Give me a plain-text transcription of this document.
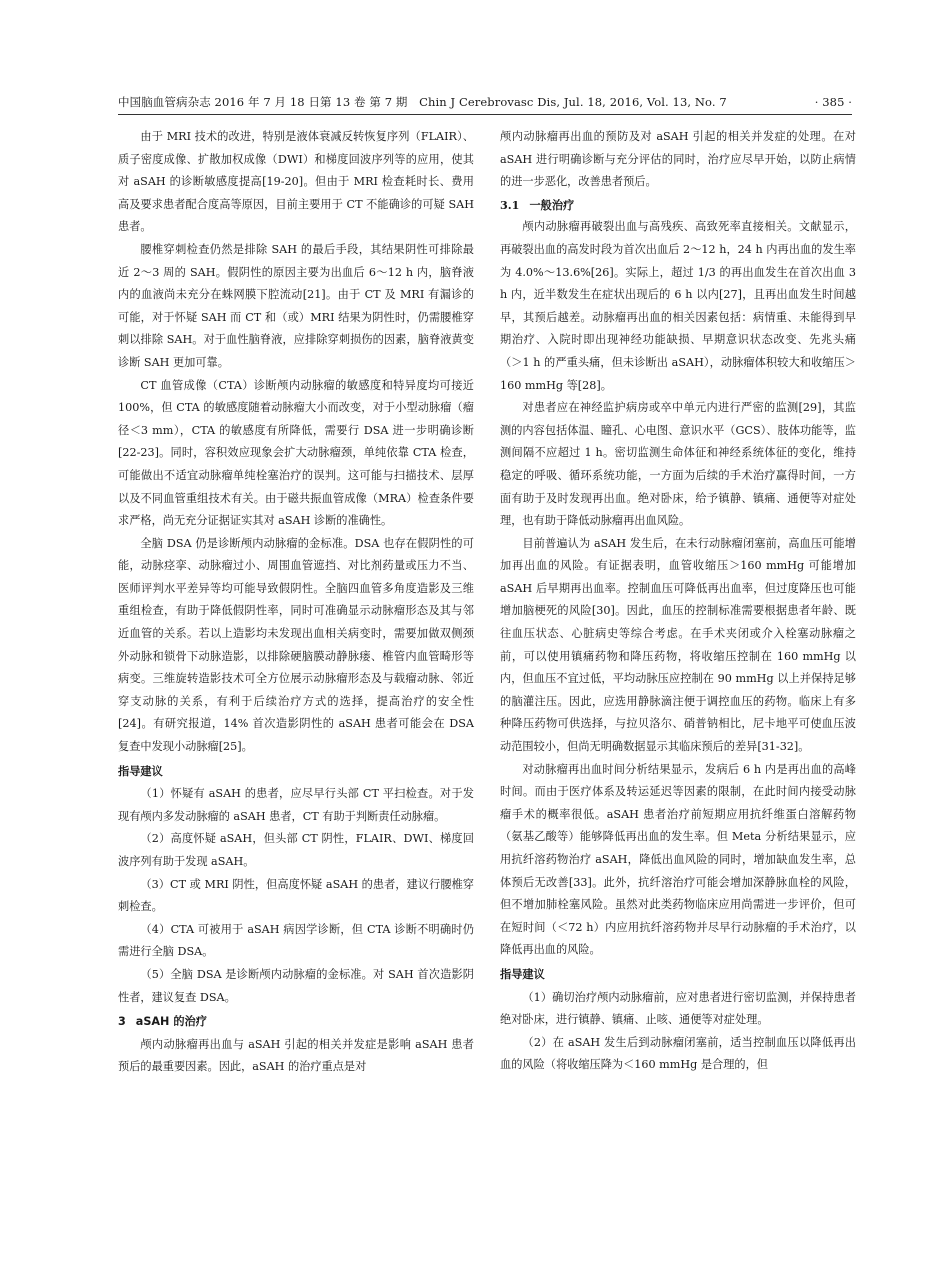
中国脑血管病杂志 2016 年 7 月 18 日第 13 卷 第 7 期　Chin J Cerebrovasc Dis, Jul. 18, 2016, Vol. 13, No. 7	· 385 ·

由于 MRI 技术的改进，特别是液体衰减反转恢复序列（FLAIR）、质子密度成像、扩散加权成像（DWI）和梯度回波序列等的应用，使其对 aSAH 的诊断敏感度提高[19-20]。但由于 MRI 检查耗时长、费用高及要求患者配合度高等原因，目前主要用于 CT 不能确诊的可疑 SAH 患者。

腰椎穿刺检查仍然是排除 SAH 的最后手段，其结果阴性可排除最近 2～3 周的 SAH。假阴性的原因主要为出血后 6～12 h 内，脑脊液内的血液尚未充分在蛛网膜下腔流动[21]。由于 CT 及 MRI 有漏诊的可能，对于怀疑 SAH 而 CT 和（或）MRI 结果为阴性时，仍需腰椎穿刺以排除 SAH。对于血性脑脊液，应排除穿刺损伤的因素，脑脊液黄变诊断 SAH 更加可靠。

CT 血管成像（CTA）诊断颅内动脉瘤的敏感度和特异度均可接近 100%，但 CTA 的敏感度随着动脉瘤大小而改变，对于小型动脉瘤（瘤径＜3 mm），CTA 的敏感度有所降低，需要行 DSA 进一步明确诊断[22-23]。同时，容积效应现象会扩大动脉瘤颈，单纯依靠 CTA 检查，可能做出不适宜动脉瘤单纯栓塞治疗的误判。这可能与扫描技术、层厚以及不同血管重组技术有关。由于磁共振血管成像（MRA）检查条件要求严格，尚无充分证据证实其对 aSAH 诊断的准确性。

全脑 DSA 仍是诊断颅内动脉瘤的金标准。DSA 也存在假阴性的可能，动脉痉挛、动脉瘤过小、周围血管遮挡、对比剂药量或压力不当、医师评判水平差异等均可能导致假阴性。全脑四血管多角度造影及三维重组检查，有助于降低假阴性率，同时可准确显示动脉瘤形态及其与邻近血管的关系。若以上造影均未发现出血相关病变时，需要加做双侧颈外动脉和锁骨下动脉造影，以排除硬脑膜动静脉瘘、椎管内血管畸形等病变。三维旋转造影技术可全方位展示动脉瘤形态及与载瘤动脉、邻近穿支动脉的关系，有利于后续治疗方式的选择，提高治疗的安全性[24]。有研究报道，14% 首次造影阴性的 aSAH 患者可能会在 DSA 复查中发现小动脉瘤[25]。

指导建议

（1）怀疑有 aSAH 的患者，应尽早行头部 CT 平扫检查。对于发现有颅内多发动脉瘤的 aSAH 患者，CT 有助于判断责任动脉瘤。

（2）高度怀疑 aSAH，但头部 CT 阴性，FLAIR、DWI、梯度回波序列有助于发现 aSAH。

（3）CT 或 MRI 阴性，但高度怀疑 aSAH 的患者，建议行腰椎穿刺检查。

（4）CTA 可被用于 aSAH 病因学诊断，但 CTA 诊断不明确时仍需进行全脑 DSA。

（5）全脑 DSA 是诊断颅内动脉瘤的金标准。对 SAH 首次造影阴性者，建议复查 DSA。

3 aSAH 的治疗

颅内动脉瘤再出血与 aSAH 引起的相关并发症是影响 aSAH 患者预后的最重要因素。因此，aSAH 的治疗重点是对

颅内动脉瘤再出血的预防及对 aSAH 引起的相关并发症的处理。在对 aSAH 进行明确诊断与充分评估的同时，治疗应尽早开始，以防止病情的进一步恶化，改善患者预后。

3.1 一般治疗

颅内动脉瘤再破裂出血与高残疾、高致死率直接相关。文献显示，再破裂出血的高发时段为首次出血后 2～12 h，24 h 内再出血的发生率为 4.0%～13.6%[26]。实际上，超过 1/3 的再出血发生在首次出血 3 h 内，近半数发生在症状出现后的 6 h 以内[27]，且再出血发生时间越早，其预后越差。动脉瘤再出血的相关因素包括：病情重、未能得到早期治疗、入院时即出现神经功能缺损、早期意识状态改变、先兆头痛（＞1 h 的严重头痛，但未诊断出 aSAH），动脉瘤体积较大和收缩压＞160 mmHg 等[28]。

对患者应在神经监护病房或卒中单元内进行严密的监测[29]，其监测的内容包括体温、瞳孔、心电图、意识水平（GCS）、肢体功能等，监测间隔不应超过 1 h。密切监测生命体征和神经系统体征的变化，维持稳定的呼吸、循环系统功能，一方面为后续的手术治疗赢得时间，一方面有助于及时发现再出血。绝对卧床，给予镇静、镇痛、通便等对症处理，也有助于降低动脉瘤再出血风险。

目前普遍认为 aSAH 发生后，在未行动脉瘤闭塞前，高血压可能增加再出血的风险。有证据表明，血管收缩压＞160 mmHg 可能增加 aSAH 后早期再出血率。控制血压可降低再出血率，但过度降压也可能增加脑梗死的风险[30]。因此，血压的控制标准需要根据患者年龄、既往血压状态、心脏病史等综合考虑。在手术夹闭或介入栓塞动脉瘤之前，可以使用镇痛药物和降压药物，将收缩压控制在 160 mmHg 以内，但血压不宜过低，平均动脉压应控制在 90 mmHg 以上并保持足够的脑灌注压。因此，应选用静脉滴注便于调控血压的药物。临床上有多种降压药物可供选择，与拉贝洛尔、硝普钠相比，尼卡地平可使血压波动范围较小，但尚无明确数据显示其临床预后的差异[31-32]。

对动脉瘤再出血时间分析结果显示，发病后 6 h 内是再出血的高峰时间。而由于医疗体系及转运延迟等因素的限制，在此时间内接受动脉瘤手术的概率很低。aSAH 患者治疗前短期应用抗纤维蛋白溶解药物（氨基乙酸等）能够降低再出血的发生率。但 Meta 分析结果显示，应用抗纤溶药物治疗 aSAH，降低出血风险的同时，增加缺血发生率，总体预后无改善[33]。此外，抗纤溶治疗可能会增加深静脉血栓的风险，但不增加肺栓塞风险。虽然对此类药物临床应用尚需进一步评价，但可在短时间（＜72 h）内应用抗纤溶药物并尽早行动脉瘤的手术治疗，以降低再出血的风险。

指导建议

（1）确切治疗颅内动脉瘤前，应对患者进行密切监测，并保持患者绝对卧床，进行镇静、镇痛、止咳、通便等对症处理。

（2）在 aSAH 发生后到动脉瘤闭塞前，适当控制血压以降低再出血的风险（将收缩压降为＜160 mmHg 是合理的，但
